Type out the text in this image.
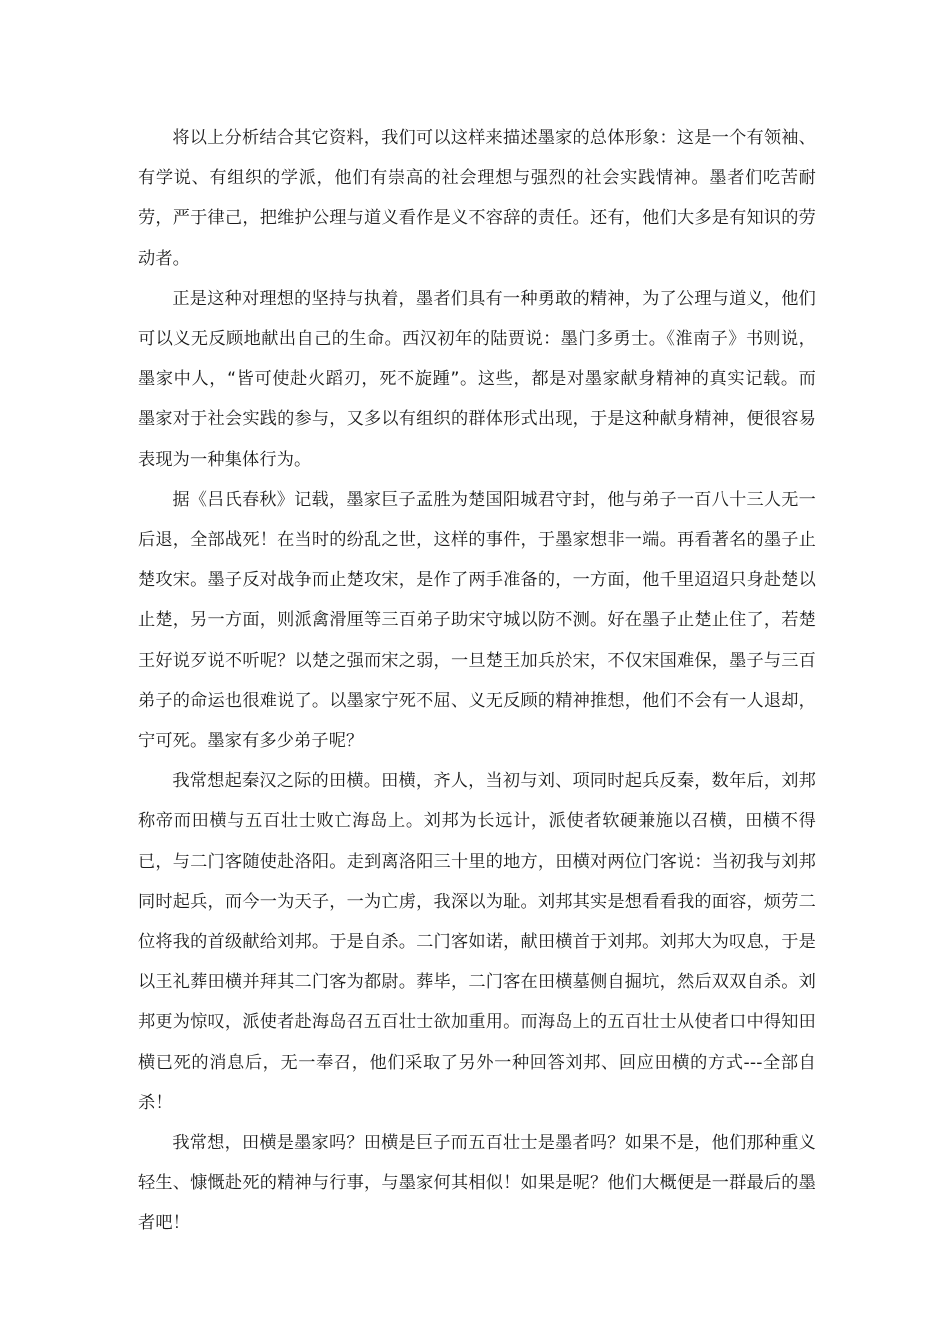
将以上分析结合其它资料，我们可以这样来描述墨家的总体形象：这是一个有领袖、有学说、有组织的学派，他们有崇高的社会理想与强烈的社会实践情神。墨者们吃苦耐劳，严于律己，把维护公理与道义看作是义不容辞的责任。还有，他们大多是有知识的劳动者。

正是这种对理想的坚持与执着，墨者们具有一种勇敢的精神，为了公理与道义，他们可以义无反顾地献出自己的生命。西汉初年的陆贾说：墨门多勇士。《淮南子》书则说，墨家中人，“皆可使赴火蹈刃，死不旋踵”。这些，都是对墨家献身精神的真实记载。而 墨家对于社会实践的参与，又多以有组织的群体形式出现，于是这种献身精神，便很容易表现为一种集体行为。

据《吕氏春秋》记载，墨家巨子孟胜为楚国阳城君守封，他与弟子一百八十三人无一后退，全部战死！在当时的纷乱之世，这样的事件，于墨家想非一端。再看著名的墨子止楚攻宋。墨子反对战争而止楚攻宋，是作了两手准备的，一方面，他千里迢迢只身赴楚以止楚，另一方面，则派禽滑厘等三百弟子助宋守城以防不测。好在墨子止楚止住了，若楚王好说歹说不听呢？以楚之强而宋之弱，一旦楚王加兵於宋，不仅宋国难保，墨子与三百弟子的命运也很难说了。以墨家宁死不屈、义无反顾的精神推想，他们不会有一人退却，宁可死。墨家有多少弟子呢？

我常想起秦汉之际的田横。田横，齐人，当初与刘、项同时起兵反秦，数年后，刘邦称帝而田横与五百壮士败亡海岛上。刘邦为长远计，派使者软硬兼施以召横，田横不得已，与二门客随使赴洛阳。走到离洛阳三十里的地方，田横对两位门客说：当初我与刘邦同时起兵，而今一为天子，一为亡虏，我深以为耻。刘邦其实是想看看我的面容，烦劳二位将我的首级献给刘邦。于是自杀。二门客如诺，献田横首于刘邦。刘邦大为叹息，于是以王礼葬田横并拜其二门客为都尉。葬毕，二门客在田横墓侧自掘坑，然后双双自杀。刘邦更为惊叹，派使者赴海岛召五百壮士欲加重用。而海岛上的五百壮士从使者口中得知田横已死的消息后，无一奉召，他们采取了另外一种回答刘邦、回应田横的方式---全部自杀！

我常想，田横是墨家吗？田横是巨子而五百壮士是墨者吗？如果不是，他们那种重义轻生、慷慨赴死的精神与行事，与墨家何其相似！如果是呢？他们大概便是一群最后的墨者吧！
